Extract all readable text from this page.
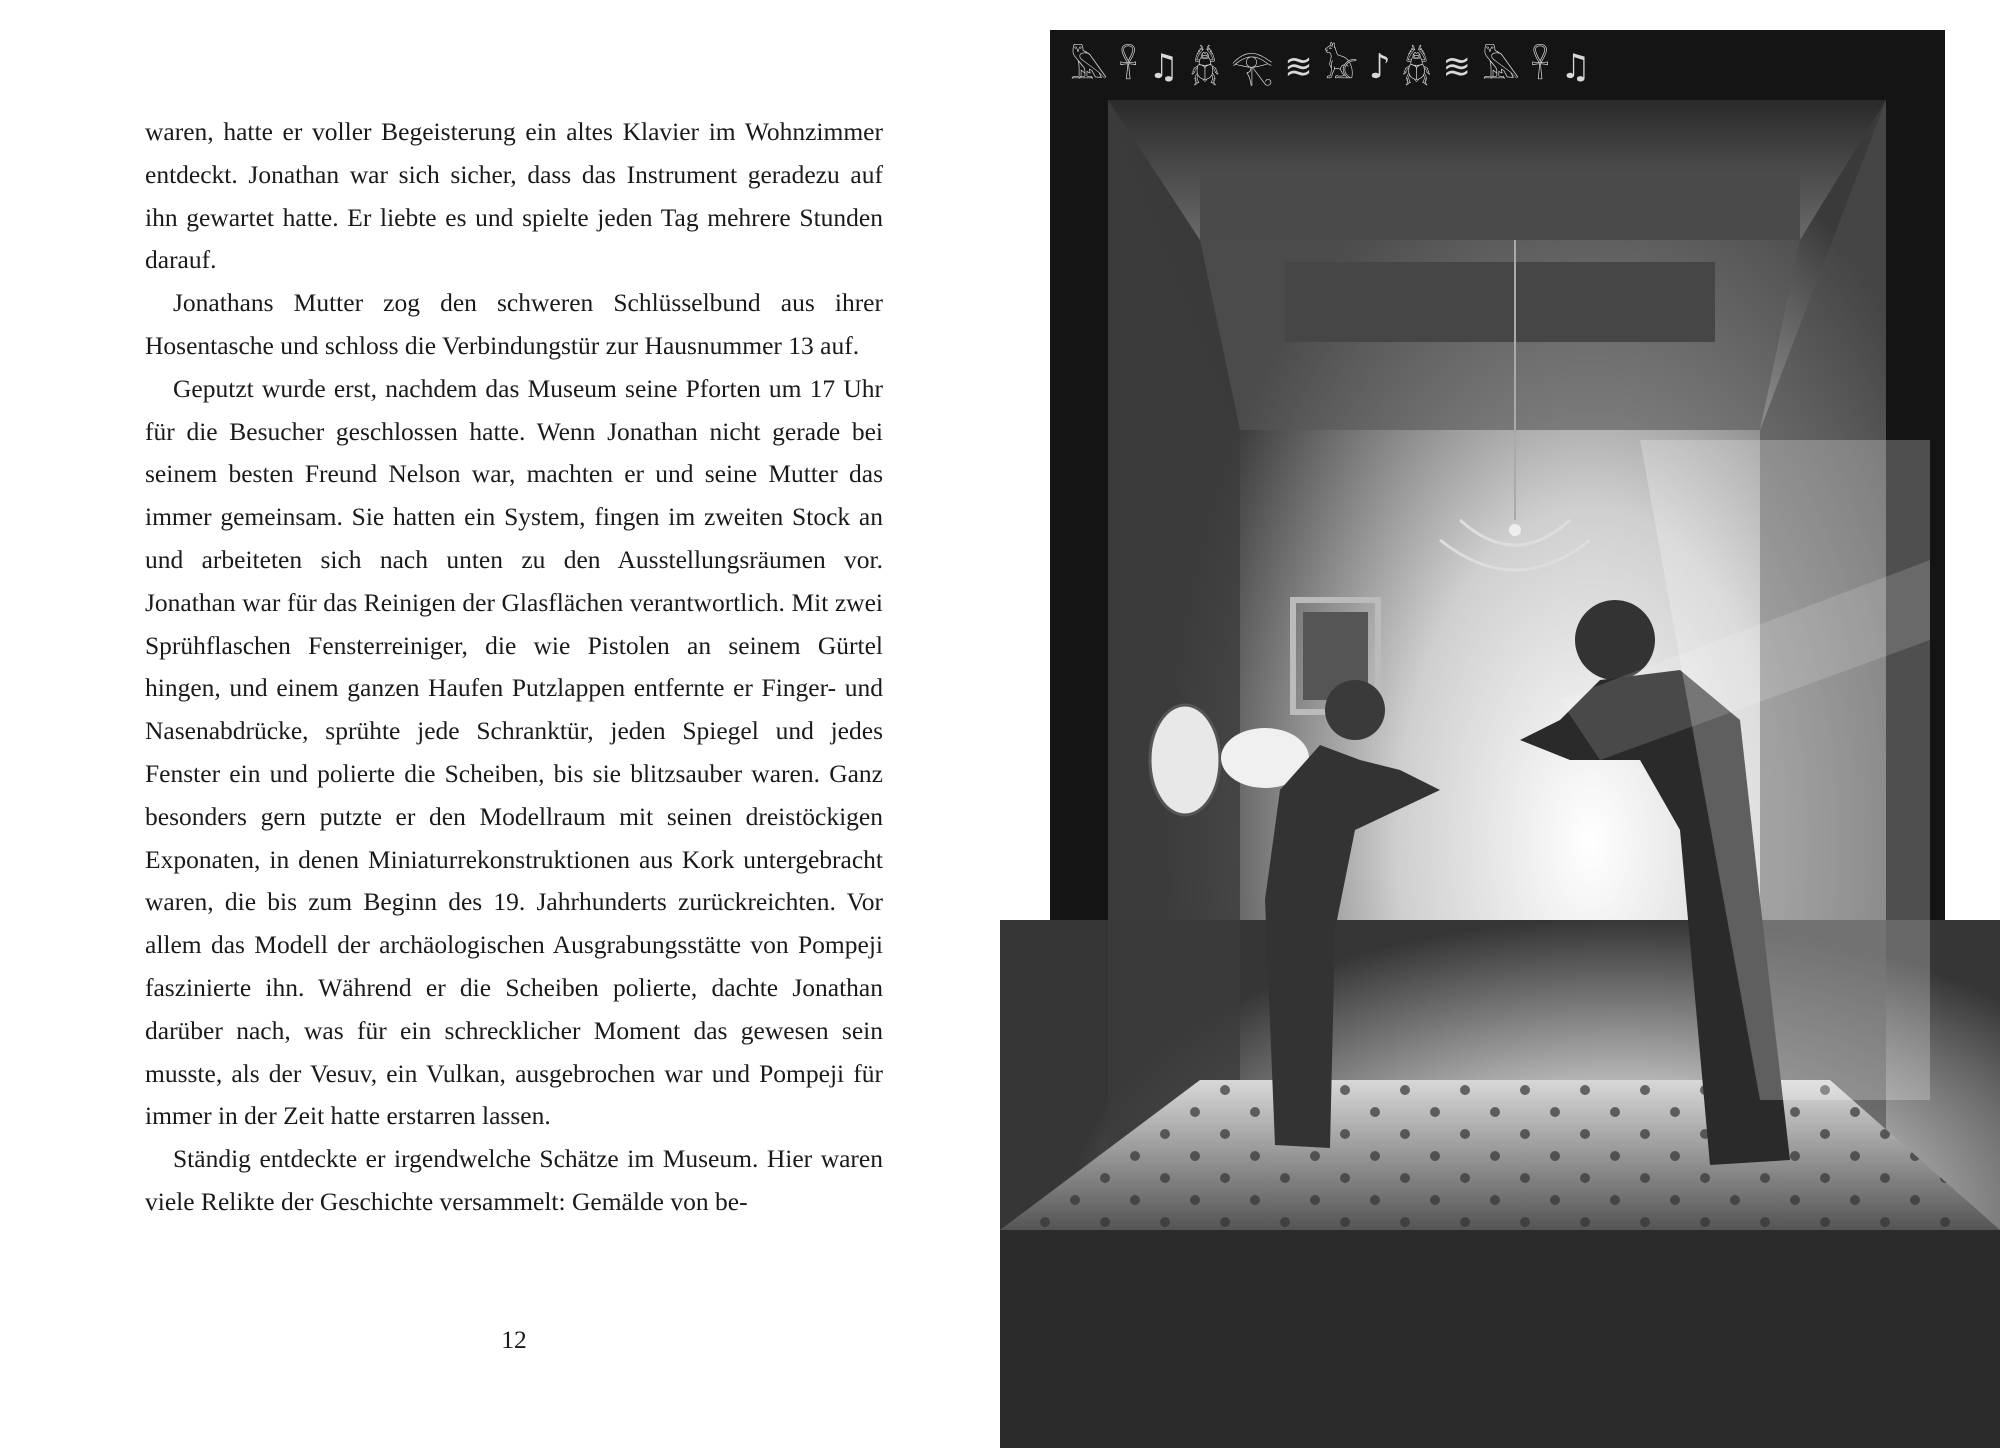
waren, hatte er voller Begeisterung ein altes Klavier im Wohnzimmer entdeckt. Jonathan war sich sicher, dass das Instrument geradezu auf ihn gewartet hatte. Er liebte es und spielte jeden Tag mehrere Stunden darauf.

Jonathans Mutter zog den schweren Schlüsselbund aus ihrer Hosentasche und schloss die Verbindungstür zur Hausnummer 13 auf.

Geputzt wurde erst, nachdem das Museum seine Pforten um 17 Uhr für die Besucher geschlossen hatte. Wenn Jonathan nicht gerade bei seinem besten Freund Nelson war, machten er und seine Mutter das immer gemeinsam. Sie hatten ein System, fingen im zweiten Stock an und arbeiteten sich nach unten zu den Ausstellungsräumen vor. Jonathan war für das Reinigen der Glasflächen verantwortlich. Mit zwei Sprühflaschen Fensterreiniger, die wie Pistolen an seinem Gürtel hingen, und einem ganzen Haufen Putzlappen entfernte er Finger- und Nasenabdrücke, sprühte jede Schranktür, jeden Spiegel und jedes Fenster ein und polierte die Scheiben, bis sie blitzsauber waren. Ganz besonders gern putzte er den Modellraum mit seinen dreistöckigen Exponaten, in denen Miniaturrekonstruktionen aus Kork untergebracht waren, die bis zum Beginn des 19. Jahrhunderts zurückreichten. Vor allem das Modell der archäologischen Ausgrabungsstätte von Pompeji faszinierte ihn. Während er die Scheiben polierte, dachte Jonathan darüber nach, was für ein schrecklicher Moment das gewesen sein musste, als der Vesuv, ein Vulkan, ausgebrochen war und Pompeji für immer in der Zeit hatte erstarren lassen.

Ständig entdeckte er irgendwelche Schätze im Museum. Hier waren viele Relikte der Geschichte versammelt: Gemälde von be-

12
𓅓 𓋹 ♫ 𓆣 𓂀 ≋ 𓃠 ♪ 𓆣 ≋ 𓅓 𓋹 ♫
